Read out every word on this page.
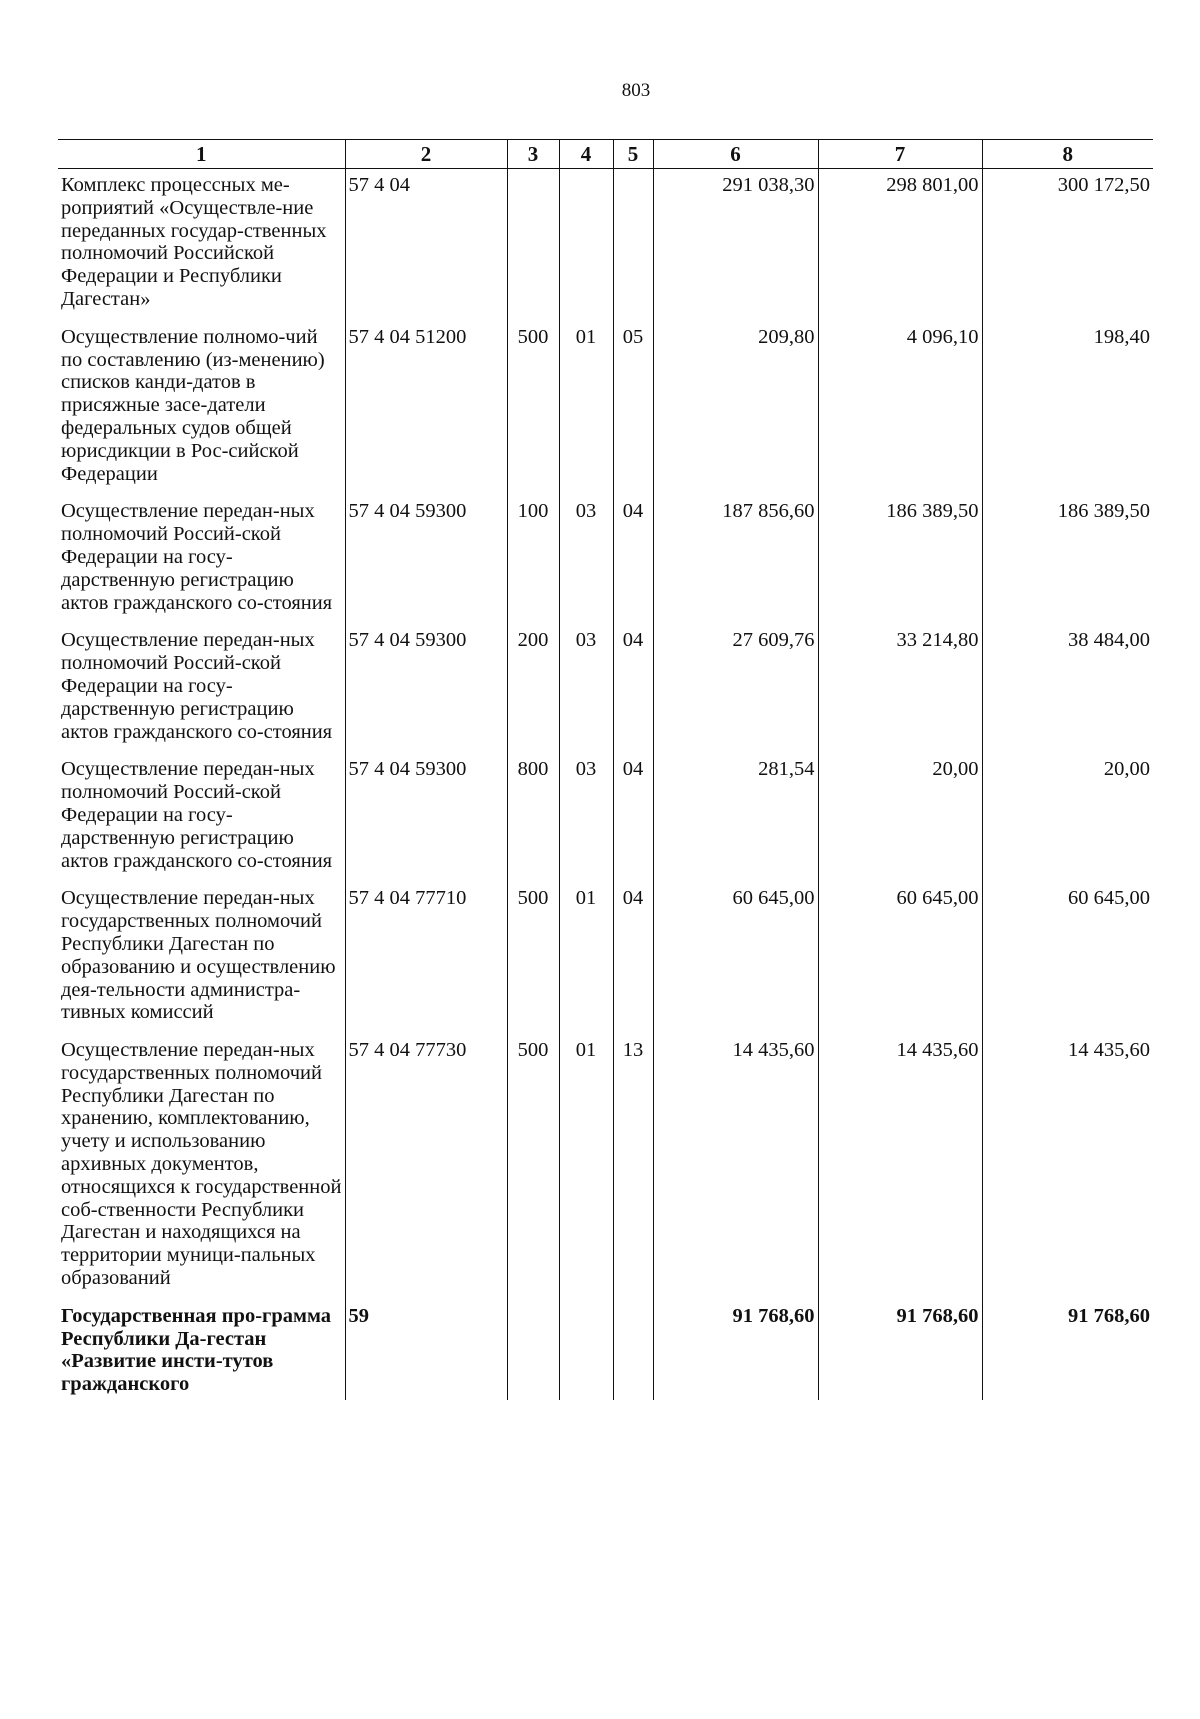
803
1	2	3	4	5	6	7	8
Комплекс процессных ме-роприятий «Осуществле-ние переданных государ-ственных полномочий Российской Федерации и Республики Дагестан»	57 4 04				291 038,30	298 801,00	300 172,50
Осуществление полномо-чий по составлению (из-менению) списков канди-датов в присяжные засе-датели федеральных судов общей юрисдикции в Рос-сийской Федерации	57 4 04 51200	500	01	05	209,80	4 096,10	198,40
Осуществление передан-ных полномочий Россий-ской Федерации на госу-дарственную регистрацию актов гражданского со-стояния	57 4 04 59300	100	03	04	187 856,60	186 389,50	186 389,50
Осуществление передан-ных полномочий Россий-ской Федерации на госу-дарственную регистрацию актов гражданского со-стояния	57 4 04 59300	200	03	04	27 609,76	33 214,80	38 484,00
Осуществление передан-ных полномочий Россий-ской Федерации на госу-дарственную регистрацию актов гражданского со-стояния	57 4 04 59300	800	03	04	281,54	20,00	20,00
Осуществление передан-ных государственных полномочий Республики Дагестан по образованию и осуществлению дея-тельности администра-тивных комиссий	57 4 04 77710	500	01	04	60 645,00	60 645,00	60 645,00
Осуществление передан-ных государственных полномочий Республики Дагестан по хранению, комплектованию, учету и использованию архивных документов, относящихся к государственной соб-ственности Республики Дагестан и находящихся на территории муници-пальных образований	57 4 04 77730	500	01	13	14 435,60	14 435,60	14 435,60
Государственная про-грамма Республики Да-гестан «Развитие инсти-тутов гражданского	59				91 768,60	91 768,60	91 768,60
